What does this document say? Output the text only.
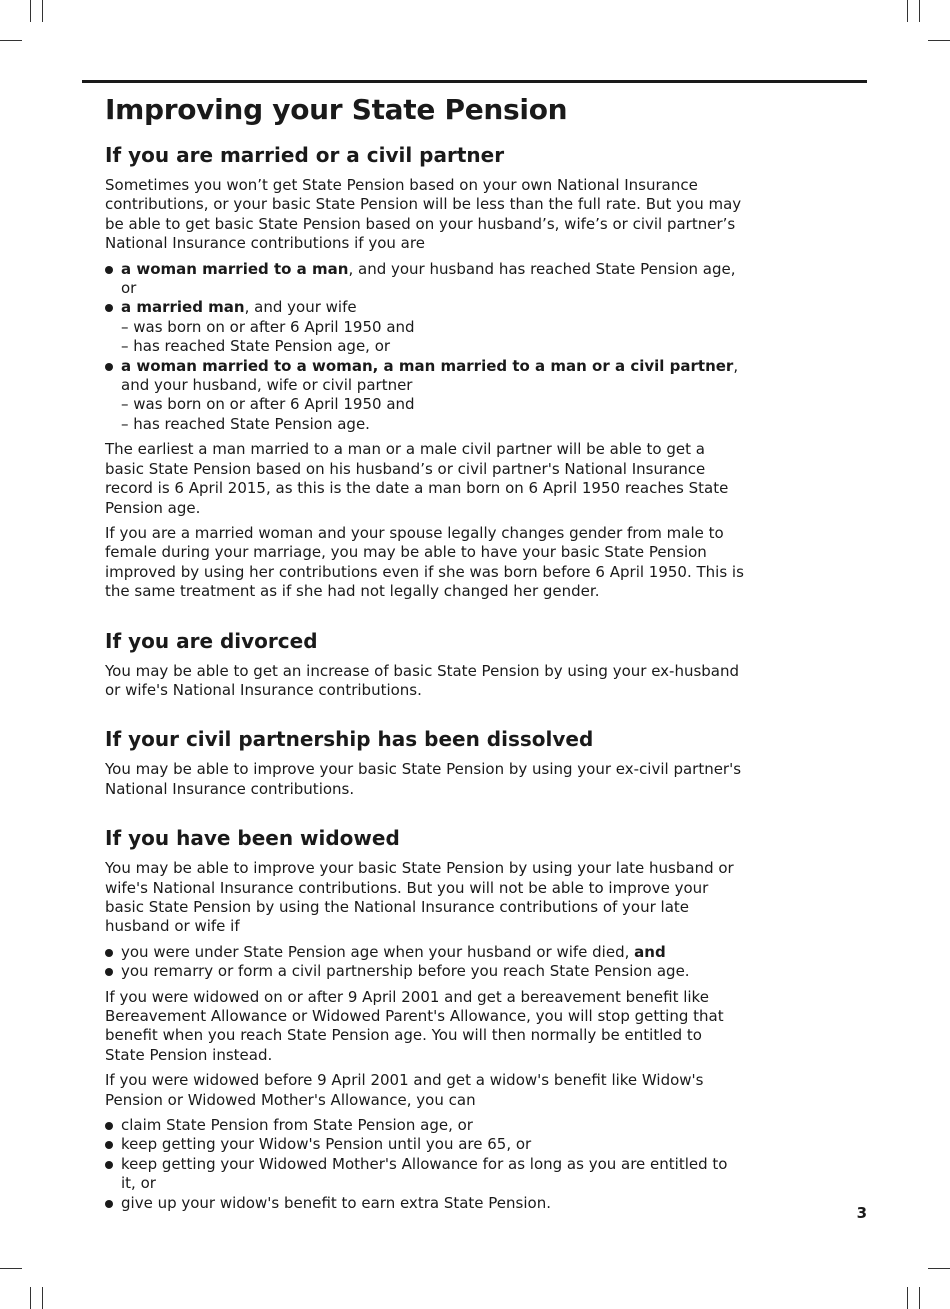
Improving your State Pension
If you are married or a civil partner

Sometimes you won’t get State Pension based on your own National Insurance contributions, or your basic State Pension will be less than the full rate. But you may be able to get basic State Pension based on your husband’s, wife’s or civil partner’s National Insurance contributions if you are

a woman married to a man, and your husband has reached State Pension age, or
a married man, and your wife
– was born on or after 6 April 1950 and
– has reached State Pension age, or
a woman married to a woman, a man married to a man or a civil partner, and your husband, wife or civil partner
– was born on or after 6 April 1950 and
– has reached State Pension age.

The earliest a man married to a man or a male civil partner will be able to get a basic State Pension based on his husband’s or civil partner's National Insurance record is 6 April 2015, as this is the date a man born on 6 April 1950 reaches State Pension age.

If you are a married woman and your spouse legally changes gender from male to female during your marriage, you may be able to have your basic State Pension improved by using her contributions even if she was born before 6 April 1950. This is the same treatment as if she had not legally changed her gender.

If you are divorced

You may be able to get an increase of basic State Pension by using your ex-husband or wife's National Insurance contributions.

If your civil partnership has been dissolved

You may be able to improve your basic State Pension by using your ex-civil partner's National Insurance contributions.

If you have been widowed

You may be able to improve your basic State Pension by using your late husband or wife's National Insurance contributions. But you will not be able to improve your basic State Pension by using the National Insurance contributions of your late husband or wife if

you were under State Pension age when your husband or wife died, and
you remarry or form a civil partnership before you reach State Pension age.

If you were widowed on or after 9 April 2001 and get a bereavement benefit like Bereavement Allowance or Widowed Parent's Allowance, you will stop getting that benefit when you reach State Pension age. You will then normally be entitled to State Pension instead.

If you were widowed before 9 April 2001 and get a widow's benefit like Widow's Pension or Widowed Mother's Allowance, you can

claim State Pension from State Pension age, or
keep getting your Widow's Pension until you are 65, or
keep getting your Widowed Mother's Allowance for as long as you are entitled to it, or
give up your widow's benefit to earn extra State Pension.
3
